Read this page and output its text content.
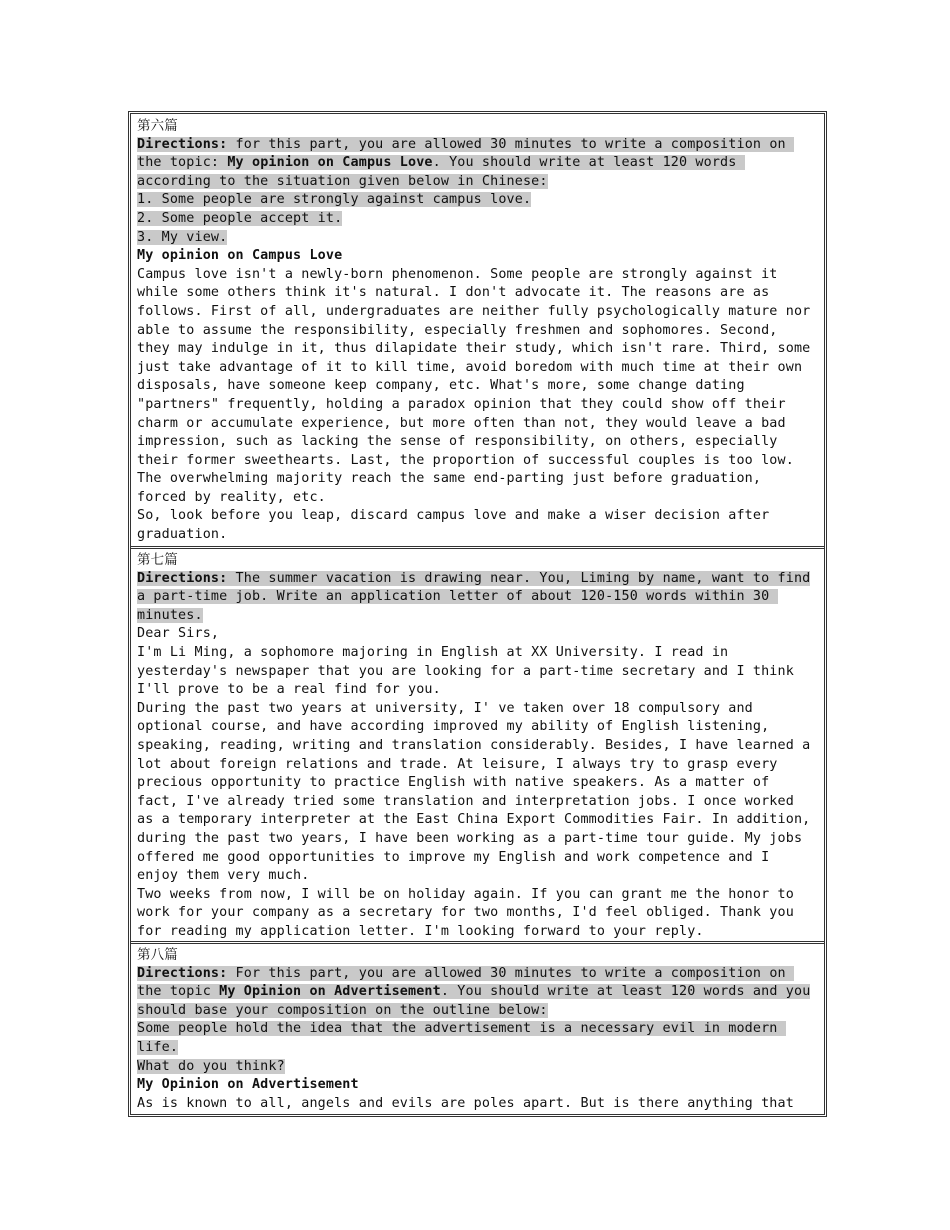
第六篇
Directions: for this part, you are allowed 30 minutes to write a composition on
the topic: My opinion on Campus Love. You should write at least 120 words
according to the situation given below in Chinese:
1. Some people are strongly against campus love.
2. Some people accept it.
3. My view.
My opinion on Campus Love
Campus love isn't a newly-born phenomenon. Some people are strongly against it
while some others think it's natural. I don't advocate it. The reasons are as
follows. First of all, undergraduates are neither fully psychologically mature nor
able to assume the responsibility, especially freshmen and sophomores. Second,
they may indulge in it, thus dilapidate their study, which isn't rare. Third, some
just take advantage of it to kill time, avoid boredom with much time at their own
disposals, have someone keep company, etc. What's more, some change dating
"partners" frequently, holding a paradox opinion that they could show off their
charm or accumulate experience, but more often than not, they would leave a bad
impression, such as lacking the sense of responsibility, on others, especially
their former sweethearts. Last, the proportion of successful couples is too low.
The overwhelming majority reach the same end-parting just before graduation,
forced by reality, etc.
So, look before you leap, discard campus love and make a wiser decision after
graduation.
第七篇
Directions: The summer vacation is drawing near. You, Liming by name, want to find
a part-time job. Write an application letter of about 120-150 words within 30
minutes.
Dear Sirs,
I'm Li Ming, a sophomore majoring in English at XX University. I read in
yesterday's newspaper that you are looking for a part-time secretary and I think
I'll prove to be a real find for you.
During the past two years at university, I' ve taken over 18 compulsory and
optional course, and have according improved my ability of English listening,
speaking, reading, writing and translation considerably. Besides, I have learned a
lot about foreign relations and trade. At leisure, I always try to grasp every
precious opportunity to practice English with native speakers. As a matter of
fact, I've already tried some translation and interpretation jobs. I once worked
as a temporary interpreter at the East China Export Commodities Fair. In addition,
during the past two years, I have been working as a part-time tour guide. My jobs
offered me good opportunities to improve my English and work competence and I
enjoy them very much.
Two weeks from now, I will be on holiday again. If you can grant me the honor to
work for your company as a secretary for two months, I'd feel obliged. Thank you
for reading my application letter. I'm looking forward to your reply.
第八篇
Directions: For this part, you are allowed 30 minutes to write a composition on
the topic My Opinion on Advertisement. You should write at least 120 words and you
should base your composition on the outline below:
Some people hold the idea that the advertisement is a necessary evil in modern
life.
What do you think?
My Opinion on Advertisement
As is known to all, angels and evils are poles apart. But is there anything that
